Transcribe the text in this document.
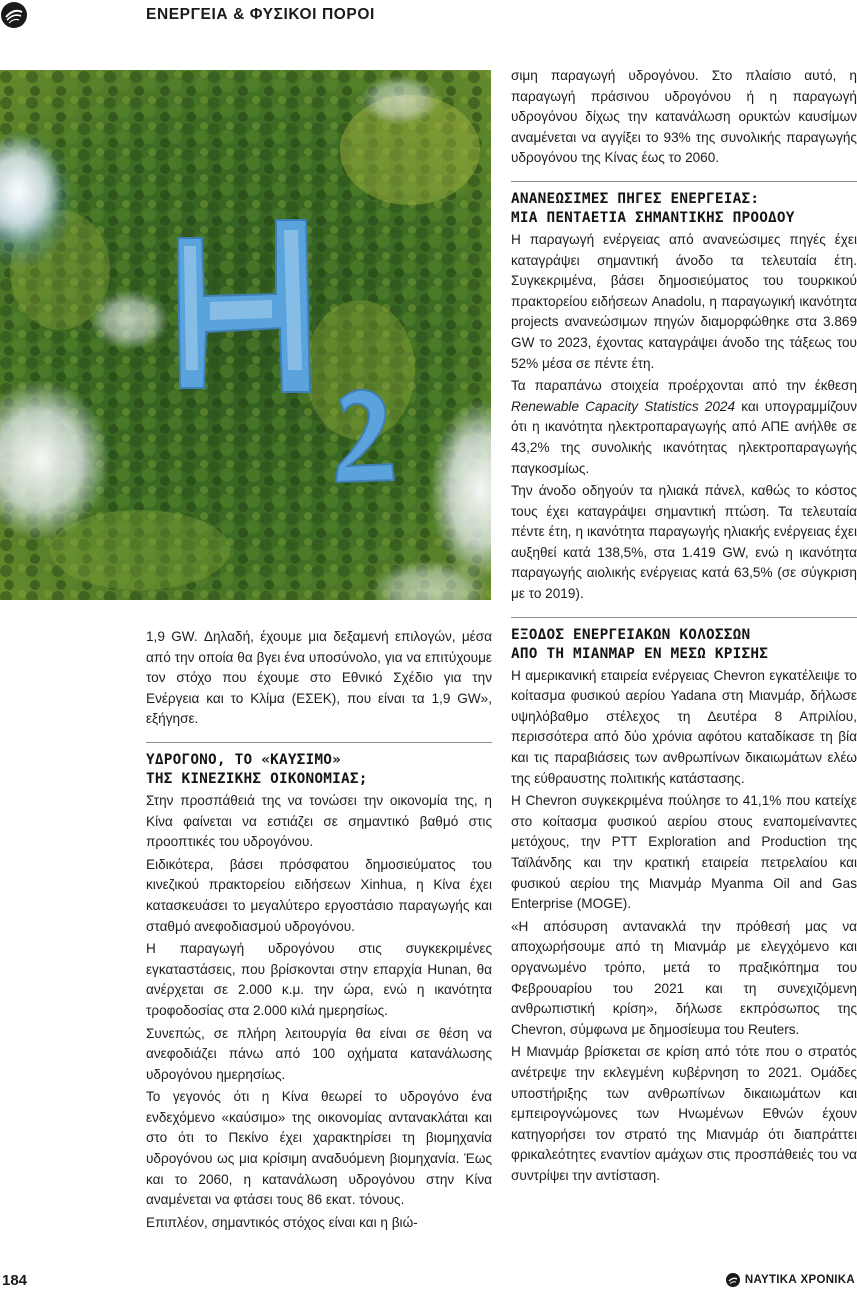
ΕΝΕΡΓΕΙΑ & ΦΥΣΙΚΟΙ ΠΟΡΟΙ

1,9 GW. Δηλαδή, έχουμε μια δεξαμενή επιλογών, μέσα από την οποία θα βγει ένα υποσύνολο, για να επιτύχουμε τον στόχο που έχουμε στο Εθνικό Σχέδιο για την Ενέργεια και το Κλίμα (ΕΣΕΚ), που είναι τα 1,9 GW», εξήγησε.

ΥΔΡΟΓΟΝΟ, ΤΟ «ΚΑΥΣΙΜΟ»
ΤΗΣ ΚΙΝΕΖΙΚΗΣ ΟΙΚΟΝΟΜΙΑΣ;

Στην προσπάθειά της να τονώσει την οικονομία της, η Κίνα φαίνεται να εστιάζει σε σημαντικό βαθμό στις προοπτικές του υδρογόνου.

Ειδικότερα, βάσει πρόσφατου δημοσιεύματος του κινεζικού πρακτορείου ειδήσεων Xinhua, η Κίνα έχει κατασκευάσει το μεγαλύτερο εργοστάσιο παραγωγής και σταθμό ανεφοδιασμού υδρογόνου.

Η παραγωγή υδρογόνου στις συγκεκριμένες εγκαταστάσεις, που βρίσκονται στην επαρχία Hunan, θα ανέρχεται σε 2.000 κ.μ. την ώρα, ενώ η ικανότητα τροφοδοσίας στα 2.000 κιλά ημερησίως.

Συνεπώς, σε πλήρη λειτουργία θα είναι σε θέση να ανεφοδιάζει πάνω από 100 οχήματα κατανάλωσης υδρογόνου ημερησίως.

Το γεγονός ότι η Κίνα θεωρεί το υδρογόνο ένα ενδεχόμενο «καύσιμο» της οικονομίας αντανακλάται και στο ότι το Πεκίνο έχει χαρακτηρίσει τη βιομηχανία υδρογόνου ως μια κρίσιμη αναδυόμενη βιομηχανία. Έως και το 2060, η κατανάλωση υδρογόνου στην Κίνα αναμένεται να φτάσει τους 86 εκατ. τόνους.

Επιπλέον, σημαντικός στόχος είναι και η βιώ-

σιμη παραγωγή υδρογόνου. Στο πλαίσιο αυτό, η παραγωγή πράσινου υδρογόνου ή η παραγωγή υδρογόνου δίχως την κατανάλωση ορυκτών καυσίμων αναμένεται να αγγίξει το 93% της συνολικής παραγωγής υδρογόνου της Κίνας έως το 2060.

ΑΝΑΝΕΩΣΙΜΕΣ ΠΗΓΕΣ ΕΝΕΡΓΕΙΑΣ:
ΜΙΑ ΠΕΝΤΑΕΤΙΑ ΣΗΜΑΝΤΙΚΗΣ ΠΡΟΟΔΟΥ

Η παραγωγή ενέργειας από ανανεώσιμες πηγές έχει καταγράψει σημαντική άνοδο τα τελευταία έτη. Συγκεκριμένα, βάσει δημοσιεύματος του τουρκικού πρακτορείου ειδήσεων Anadolu, η παραγωγική ικανότητα projects ανανεώσιμων πηγών διαμορφώθηκε στα 3.869 GW το 2023, έχοντας καταγράψει άνοδο της τάξεως του 52% μέσα σε πέντε έτη.

Τα παραπάνω στοιχεία προέρχονται από την έκθεση Renewable Capacity Statistics 2024 και υπογραμμίζουν ότι η ικανότητα ηλεκτροπαραγωγής από ΑΠΕ ανήλθε σε 43,2% της συνολικής ικανότητας ηλεκτροπαραγωγής παγκοσμίως.

Την άνοδο οδηγούν τα ηλιακά πάνελ, καθώς το κόστος τους έχει καταγράψει σημαντική πτώση. Τα τελευταία πέντε έτη, η ικανότητα παραγωγής ηλιακής ενέργειας έχει αυξηθεί κατά 138,5%, στα 1.419 GW, ενώ η ικανότητα παραγωγής αιολικής ενέργειας κατά 63,5% (σε σύγκριση με το 2019).

ΕΞΟΔΟΣ ΕΝΕΡΓΕΙΑΚΩΝ ΚΟΛΟΣΣΩΝ
ΑΠΟ ΤΗ ΜΙΑΝΜΑΡ ΕΝ ΜΕΣΩ ΚΡΙΣΗΣ

Η αμερικανική εταιρεία ενέργειας Chevron εγκατέλειψε το κοίτασμα φυσικού αερίου Yadana στη Μιανμάρ, δήλωσε υψηλόβαθμο στέλεχος τη Δευτέρα 8 Απριλίου, περισσότερα από δύο χρόνια αφότου καταδίκασε τη βία και τις παραβιάσεις των ανθρωπίνων δικαιωμάτων ελέω της εύθραυστης πολιτικής κατάστασης.

Η Chevron συγκεκριμένα πούλησε το 41,1% που κατείχε στο κοίτασμα φυσικού αερίου στους εναπομείναντες μετόχους, την PTT Exploration and Production της Ταϊλάνδης και την κρατική εταιρεία πετρελαίου και φυσικού αερίου της Μιανμάρ Myanma Oil and Gas Enterprise (MOGE).

«Η απόσυρση αντανακλά την πρόθεσή μας να αποχωρήσουμε από τη Μιανμάρ με ελεγχόμενο και οργανωμένο τρόπο, μετά το πραξικόπημα του Φεβρουαρίου του 2021 και τη συνεχιζόμενη ανθρωπιστική κρίση», δήλωσε εκπρόσωπος της Chevron, σύμφωνα με δημοσίευμα του Reuters.

Η Μιανμάρ βρίσκεται σε κρίση από τότε που ο στρατός ανέτρεψε την εκλεγμένη κυβέρνηση το 2021. Ομάδες υποστήριξης των ανθρωπίνων δικαιωμάτων και εμπειρογνώμονες των Ηνωμένων Εθνών έχουν κατηγορήσει τον στρατό της Μιανμάρ ότι διαπράττει φρικαλεότητες εναντίον αμάχων στις προσπάθειές του να συντρίψει την αντίσταση.

184	ΝΑΥΤΙΚΑ ΧΡΟΝΙΚΑ
